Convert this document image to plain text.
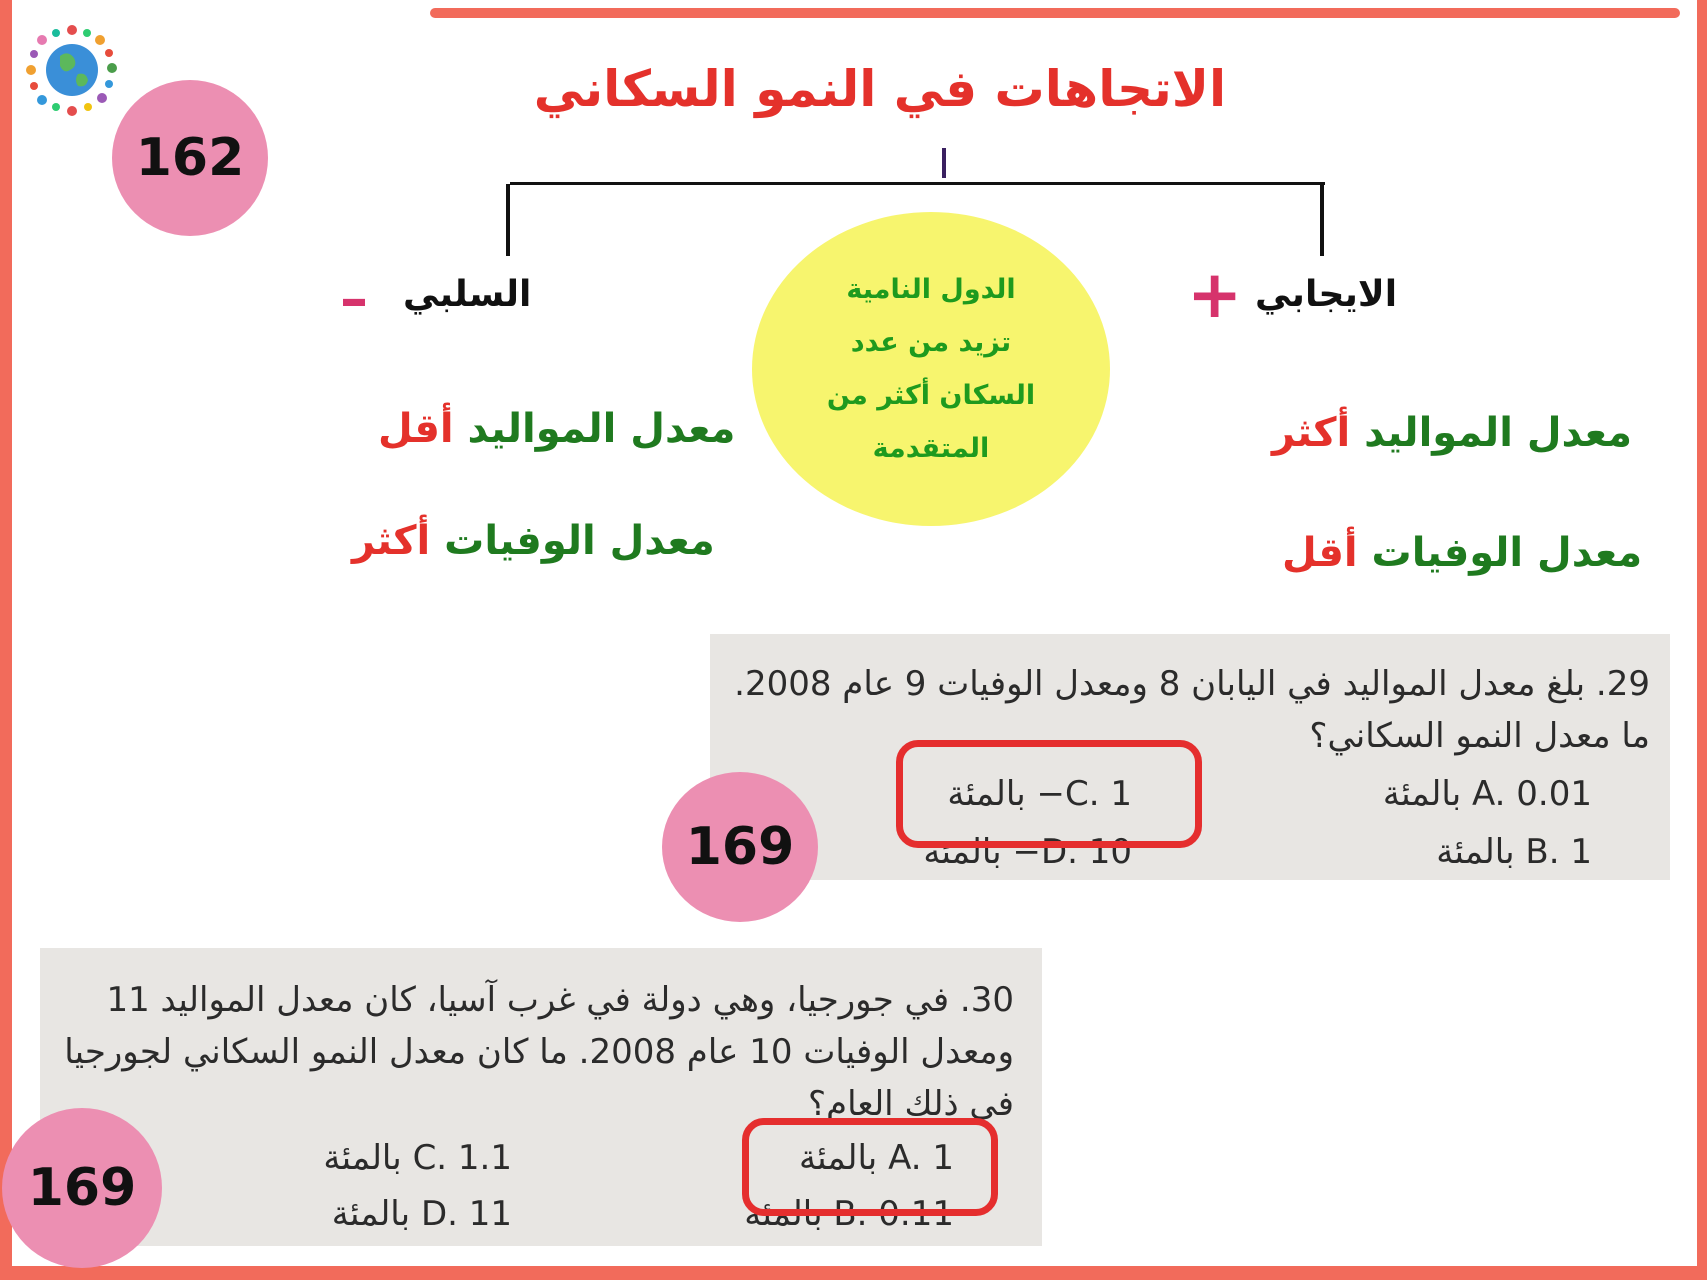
162
الاتجاهات في النمو السكاني
الايجابي
+
السلبي
–	الدول النامية
تزيد من عدد
السكان أكثر من
المتقدمة	معدل المواليد أكثر
معدل الوفيات أقل
معدل المواليد أقل
معدل الوفيات أكثر
29. بلغ معدل المواليد في اليابان 8 ومعدل الوفيات 9 عام 2008. ما معدل النمو السكاني؟
A. 0.01 بالمئة
B. 1 بالمئة
C. 1− بالمئة
D. 10− بالمئة
169
30. في جورجيا، وهي دولة في غرب آسيا، كان معدل المواليد 11 ومعدل الوفيات 10 عام 2008. ما كان معدل النمو السكاني لجورجيا في ذلك العام؟
A. 1 بالمئة
B. 0.11 بالمئة
C. 1.1 بالمئة
D. 11 بالمئة
169
